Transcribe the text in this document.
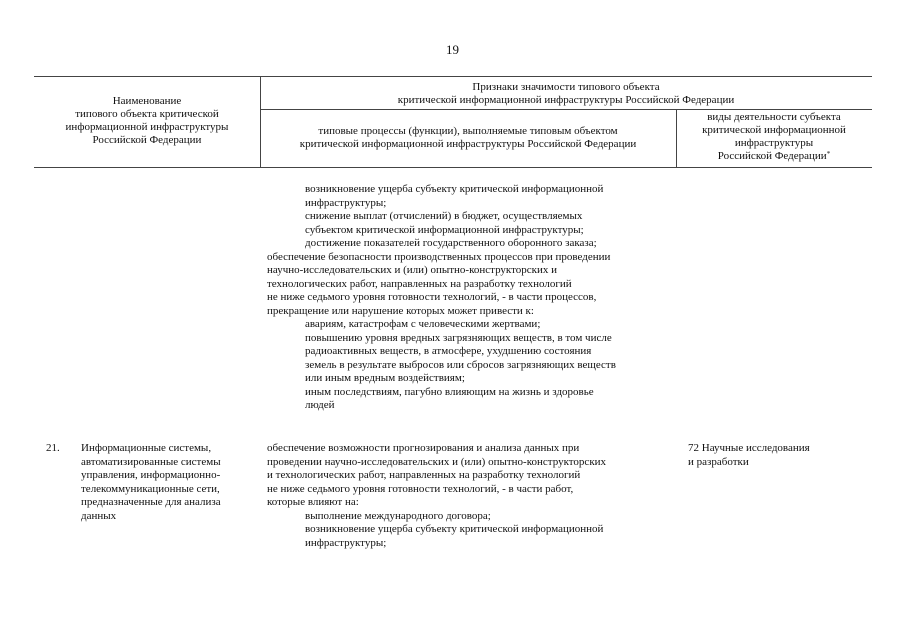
19
Наименование
типового объекта критической
информационной инфраструктуры
Российской Федерации
Признаки значимости типового объекта
критической информационной инфраструктуры Российской Федерации
типовые процессы (функции), выполняемые типовым объектом
критической информационной инфраструктуры Российской Федерации
виды деятельности субъекта
критической информационной
инфраструктуры
Российской Федерации*
возникновение ущерба субъекту критической информационной
инфраструктуры;
снижение выплат (отчислений) в бюджет, осуществляемых
субъектом критической информационной инфраструктуры;
достижение показателей государственного оборонного заказа;
обеспечение безопасности производственных процессов при проведении
научно-исследовательских и (или) опытно-конструкторских и
технологических работ, направленных на разработку технологий
не ниже седьмого уровня готовности технологий, - в части процессов,
прекращение или нарушение которых может привести к:
авариям, катастрофам с человеческими жертвами;
повышению уровня вредных загрязняющих веществ, в том числе
радиоактивных веществ, в атмосфере, ухудшению состояния
земель в результате выбросов или сбросов загрязняющих веществ
или иным вредным воздействиям;
иным последствиям, пагубно влияющим на жизнь и здоровье
людей
21. Информационные системы,
автоматизированные системы
управления, информационно-
телекоммуникационные сети,
предназначенные для анализа
данных
обеспечение возможности прогнозирования и анализа данных при
проведении научно-исследовательских и (или) опытно-конструкторских
и технологических работ, направленных на разработку технологий
не ниже седьмого уровня готовности технологий, - в части работ,
которые влияют на:
выполнение международного договора;
возникновение ущерба субъекту критической информационной
инфраструктуры;
72 Научные исследования
и разработки
